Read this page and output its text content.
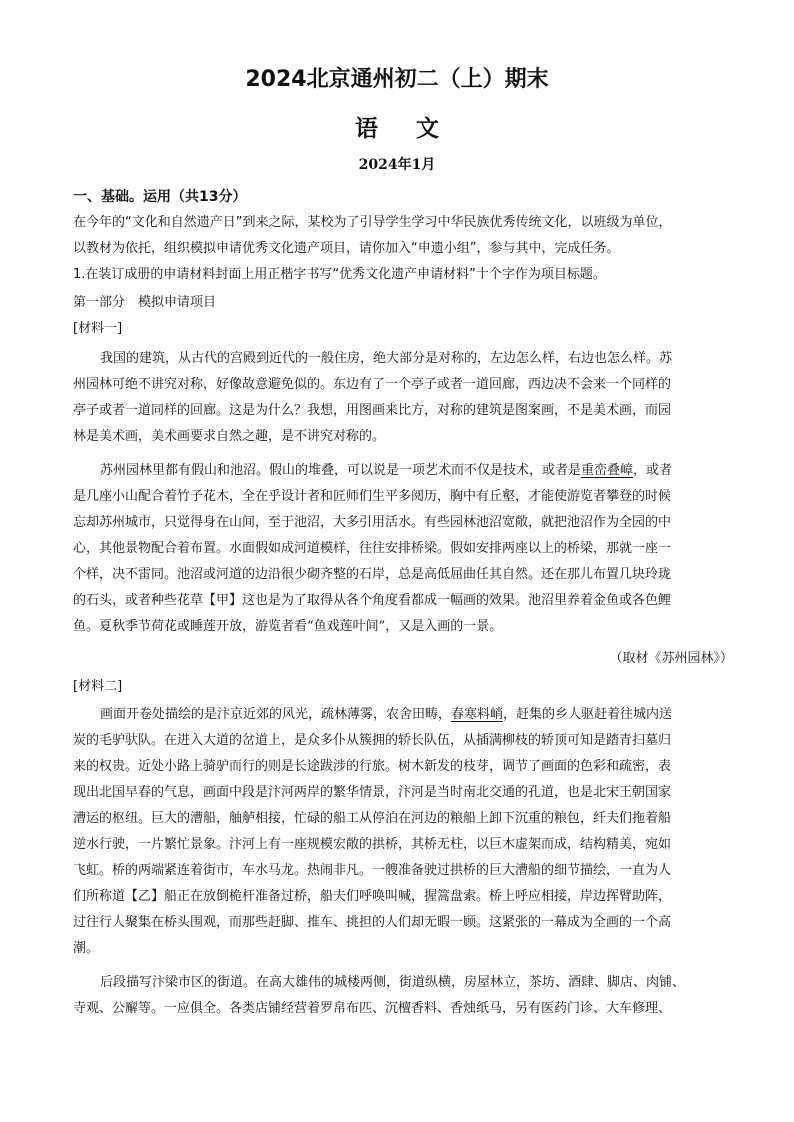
2024北京通州初二（上）期末
语文
2024年1月
一、基础。运用（共13分）
在今年的“文化和自然遗产日”到来之际，某校为了引导学生学习中华民族优秀传统文化，以班级为单位，
以教材为依托，组织模拟申请优秀文化遗产项目，请你加入“申遗小组”，参与其中，完成任务。
1.在装订成册的申请材料封面上用正楷字书写“优秀文化遗产申请材料”十个字作为项目标题。
第一部分　模拟申请项目
[材料一]
我国的建筑，从古代的宫殿到近代的一般住房，绝大部分是对称的，左边怎么样，右边也怎么样。苏
州园林可绝不讲究对称，好像故意避免似的。东边有了一个亭子或者一道回廊，西边决不会来一个同样的
亭子或者一道同样的回廊。这是为什么？我想，用图画来比方，对称的建筑是图案画，不是美术画，而园
林是美术画，美术画要求自然之趣，是不讲究对称的。
苏州园林里都有假山和池沼。假山的堆叠，可以说是一项艺术而不仅是技术，或者是重峦叠嶂，或者
是几座小山配合着竹子花木，全在乎设计者和匠师们生平多阅历，胸中有丘壑，才能使游览者攀登的时候
忘却苏州城市，只觉得身在山间，至于池沼，大多引用活水。有些园林池沼宽敞，就把池沼作为全园的中
心，其他景物配合着布置。水面假如成河道模样，往往安排桥梁。假如安排两座以上的桥梁，那就一座一
个样，决不雷同。池沼或河道的边沿很少砌齐整的石岸，总是高低屈曲任其自然。还在那儿布置几块玲珑
的石头，或者种些花草【甲】这也是为了取得从各个角度看都成一幅画的效果。池沼里养着金鱼或各色鲤
鱼。夏秋季节荷花或睡莲开放，游览者看“鱼戏莲叶间”，又是入画的一景。
（取材《苏州园林》）
[材料二]
画面开卷处描绘的是汴京近郊的风光，疏林薄雾，农舍田畴，春寒料峭，赶集的乡人驱赶着往城内送
炭的毛驴驮队。在进入大道的岔道上，是众多仆从簇拥的轿长队伍，从插满柳枝的轿顶可知是踏青扫墓归
来的权贵。近处小路上骑驴而行的则是长途跋涉的行旅。树木新发的枝芽，调节了画面的色彩和疏密，表
现出北国早春的气息，画面中段是汴河两岸的繁华情景，汴河是当时南北交通的孔道，也是北宋王朝国家
漕运的枢纽。巨大的漕船，舳舻相接，忙碌的船工从停泊在河边的粮船上卸下沉重的粮包，纤夫们拖着船
逆水行驶，一片繁忙景象。汴河上有一座规模宏敞的拱桥，其桥无柱，以巨木虚架而成，结构精美，宛如
飞虹。桥的两端紧连着街市，车水马龙。热闹非凡。一艘准备驶过拱桥的巨大漕船的细节描绘，一直为人
们所称道【乙】船正在放倒桅杆准备过桥，船夫们呼唤叫喊，握篙盘索。桥上呼应相接，岸边挥臂助阵，
过往行人聚集在桥头围观，而那些赶脚、推车、挑担的人们却无暇一顾。这紧张的一幕成为全画的一个高
潮。
后段描写汴梁市区的街道。在高大雄伟的城楼两侧，街道纵横，房屋林立，茶坊、酒肆、脚店、肉铺、
寺观、公廨等。一应俱全。各类店铺经营着罗帛布匹、沉檀香料、香烛纸马，另有医药门诊、大车修理、
